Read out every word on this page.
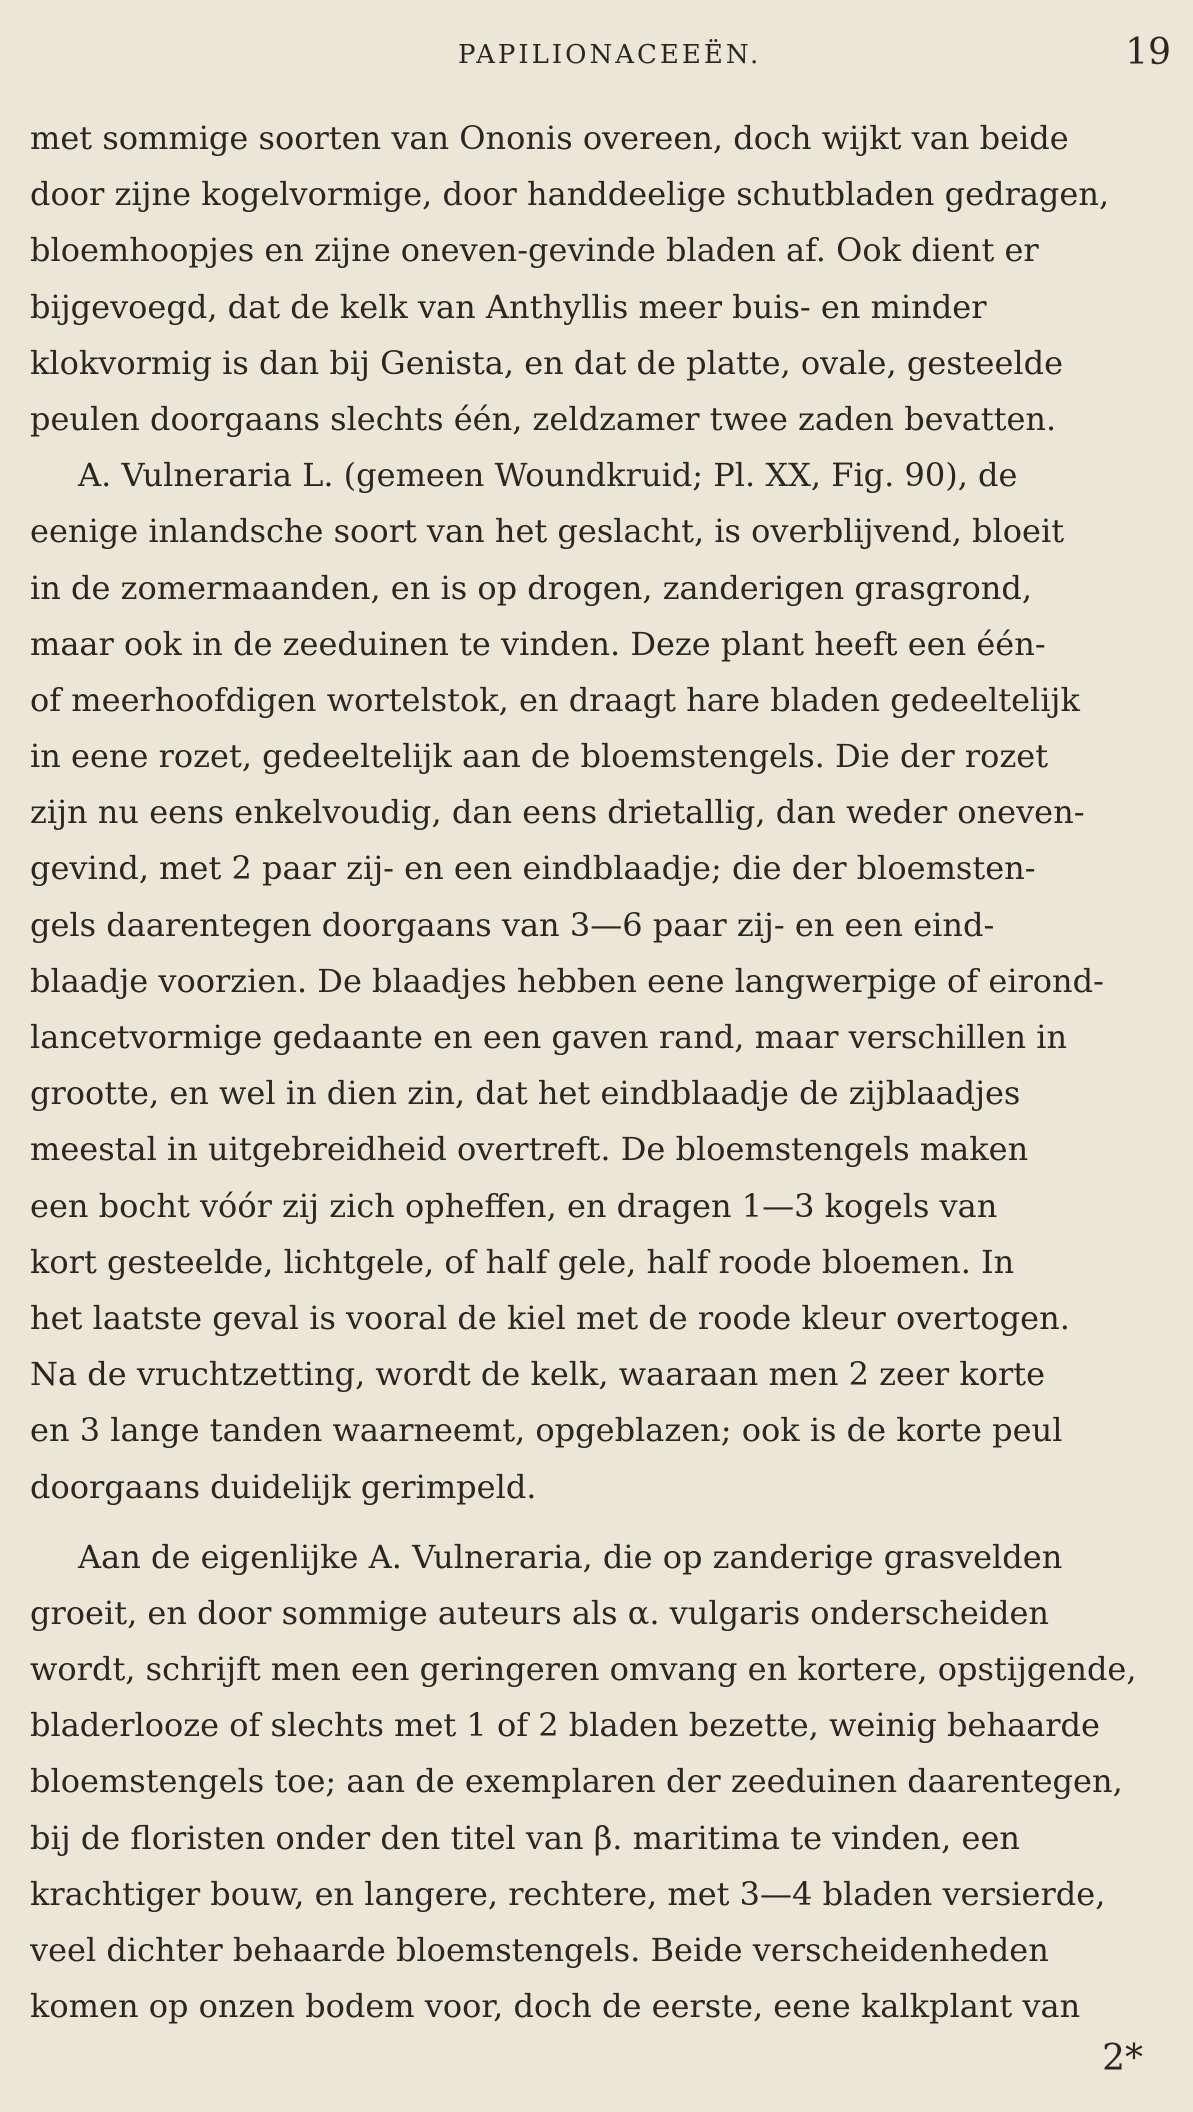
PAPILIONACEEËN.	19
met sommige soorten van Ononis overeen, doch wijkt van beide
door zijne kogelvormige, door handdeelige schutbladen gedragen,
bloemhoopjes en zijne oneven-gevinde bladen af. Ook dient er
bijgevoegd, dat de kelk van Anthyllis meer buis- en minder
klokvormig is dan bij Genista, en dat de platte, ovale, gesteelde
peulen doorgaans slechts één, zeldzamer twee zaden bevatten.
A. Vulneraria L. (gemeen Woundkruid; Pl. XX, Fig. 90), de
eenige inlandsche soort van het geslacht, is overblijvend, bloeit
in de zomermaanden, en is op drogen, zanderigen grasgrond,
maar ook in de zeeduinen te vinden. Deze plant heeft een één-
of meerhoofdigen wortelstok, en draagt hare bladen gedeeltelijk
in eene rozet, gedeeltelijk aan de bloemstengels. Die der rozet
zijn nu eens enkelvoudig, dan eens drietallig, dan weder oneven-
gevind, met 2 paar zij- en een eindblaadje; die der bloemsten-
gels daarentegen doorgaans van 3—6 paar zij- en een eind-
blaadje voorzien. De blaadjes hebben eene langwerpige of eirond-
lancetvormige gedaante en een gaven rand, maar verschillen in
grootte, en wel in dien zin, dat het eindblaadje de zijblaadjes
meestal in uitgebreidheid overtreft. De bloemstengels maken
een bocht vóór zij zich opheffen, en dragen 1—3 kogels van
kort gesteelde, lichtgele, of half gele, half roode bloemen. In
het laatste geval is vooral de kiel met de roode kleur overtogen.
Na de vruchtzetting, wordt de kelk, waaraan men 2 zeer korte
en 3 lange tanden waarneemt, opgeblazen; ook is de korte peul
doorgaans duidelijk gerimpeld.
Aan de eigenlijke A. Vulneraria, die op zanderige grasvelden
groeit, en door sommige auteurs als α. vulgaris onderscheiden
wordt, schrijft men een geringeren omvang en kortere, opstijgende,
bladerlooze of slechts met 1 of 2 bladen bezette, weinig behaarde
bloemstengels toe; aan de exemplaren der zeeduinen daarentegen,
bij de floristen onder den titel van β. maritima te vinden, een
krachtiger bouw, en langere, rechtere, met 3—4 bladen versierde,
veel dichter behaarde bloemstengels. Beide verscheidenheden
komen op onzen bodem voor, doch de eerste, eene kalkplant van
2*
